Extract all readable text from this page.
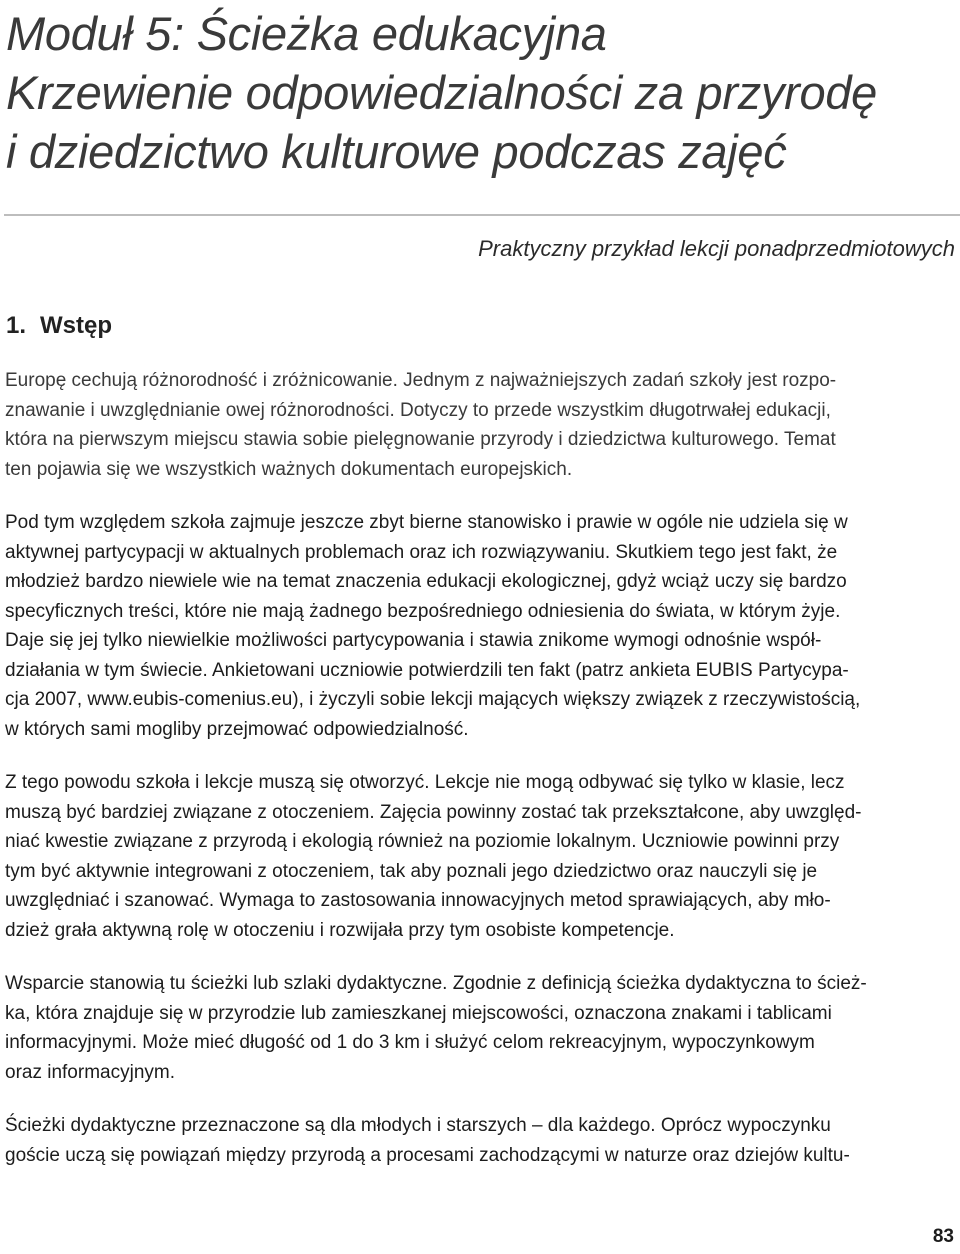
Moduł 5: Ścieżka edukacyjna
Krzewienie odpowiedzialności za przyrodę
i dziedzictwo kulturowe podczas zajęć
Praktyczny przykład lekcji ponadprzedmiotowych
1. Wstęp

Europę cechują różnorodność i zróżnicowanie. Jednym z najważniejszych zadań szkoły jest rozpo-
znawanie i uwzględnianie owej różnorodności. Dotyczy to przede wszystkim długotrwałej edukacji,
która na pierwszym miejscu stawia sobie pielęgnowanie przyrody i dziedzictwa kulturowego. Temat
ten pojawia się we wszystkich ważnych dokumentach europejskich.

Pod tym względem szkoła zajmuje jeszcze zbyt bierne stanowisko i prawie w ogóle nie udziela się w
aktywnej partycypacji w aktualnych problemach oraz ich rozwiązywaniu. Skutkiem tego jest fakt, że
młodzież bardzo niewiele wie na temat znaczenia edukacji ekologicznej, gdyż wciąż uczy się bardzo
specyficznych treści, które nie mają żadnego bezpośredniego odniesienia do świata, w którym żyje.
Daje się jej tylko niewielkie możliwości partycypowania i stawia znikome wymogi odnośnie współ-
działania w tym świecie. Ankietowani uczniowie potwierdzili ten fakt (patrz ankieta EUBIS Partycypa-
cja 2007, www.eubis-comenius.eu), i życzyli sobie lekcji mających większy związek z rzeczywistością,
w których sami mogliby przejmować odpowiedzialność.

Z tego powodu szkoła i lekcje muszą się otworzyć. Lekcje nie mogą odbywać się tylko w klasie, lecz
muszą być bardziej związane z otoczeniem. Zajęcia powinny zostać tak przekształcone, aby uwzględ-
niać kwestie związane z przyrodą i ekologią również na poziomie lokalnym. Uczniowie powinni przy
tym być aktywnie integrowani z otoczeniem, tak aby poznali jego dziedzictwo oraz nauczyli się je
uwzględniać i szanować. Wymaga to zastosowania innowacyjnych metod sprawiających, aby mło-
dzież grała aktywną rolę w otoczeniu i rozwijała przy tym osobiste kompetencje.

Wsparcie stanowią tu ścieżki lub szlaki dydaktyczne. Zgodnie z definicją ścieżka dydaktyczna to ścież-
ka, która znajduje się w przyrodzie lub zamieszkanej miejscowości, oznaczona znakami i tablicami
informacyjnymi. Może mieć długość od 1 do 3 km i służyć celom rekreacyjnym, wypoczynkowym
oraz informacyjnym.

Ścieżki dydaktyczne przeznaczone są dla młodych i starszych – dla każdego. Oprócz wypoczynku
goście uczą się powiązań między przyrodą a procesami zachodzącymi w naturze oraz dziejów kultu-

83
